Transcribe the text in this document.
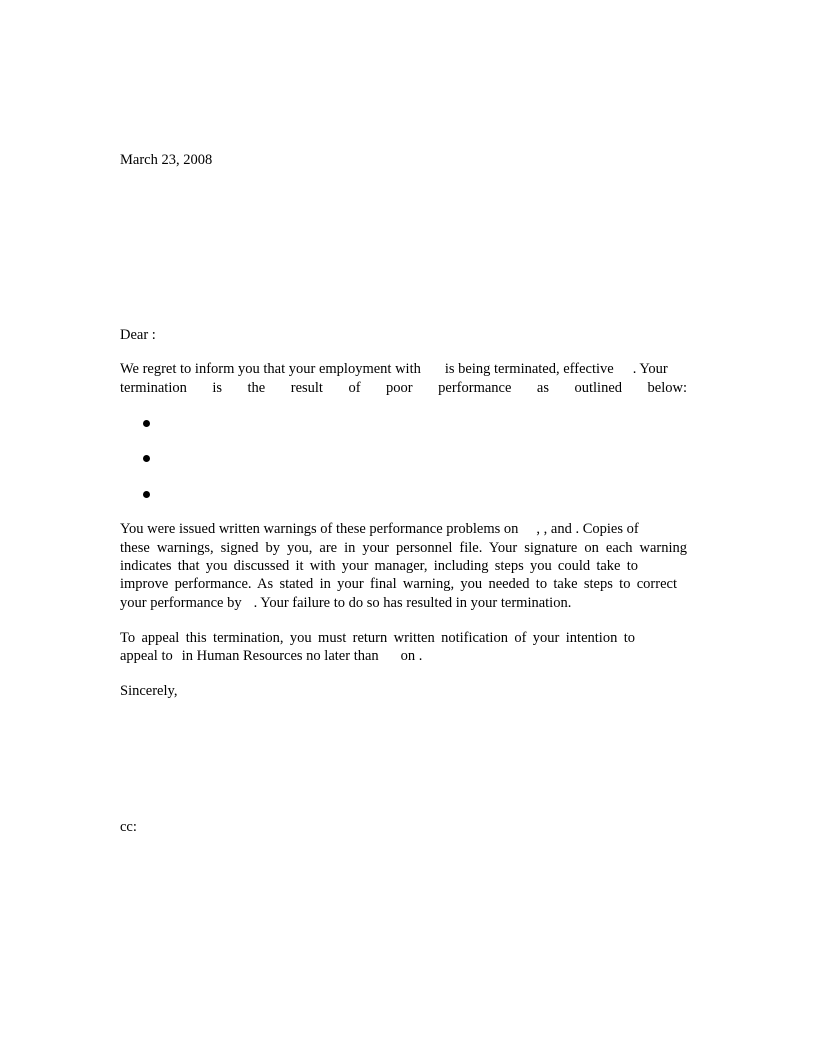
March 23, 2008
Dear :
We regret to inform you that your employment with is being terminated, effective . Your
termination is the result of poor performance as outlined below:
You were issued written warnings of these performance problems on , , and . Copies of
these warnings, signed by you, are in your personnel file. Your signature on each warning
indicates that you discussed it with your manager, including steps you could take to
improve performance. As stated in your final warning, you needed to take steps to correct
your performance by . Your failure to do so has resulted in your termination.
To appeal this termination, you must return written notification of your intention to
appeal to in Human Resources no later than on .
Sincerely,
cc:
